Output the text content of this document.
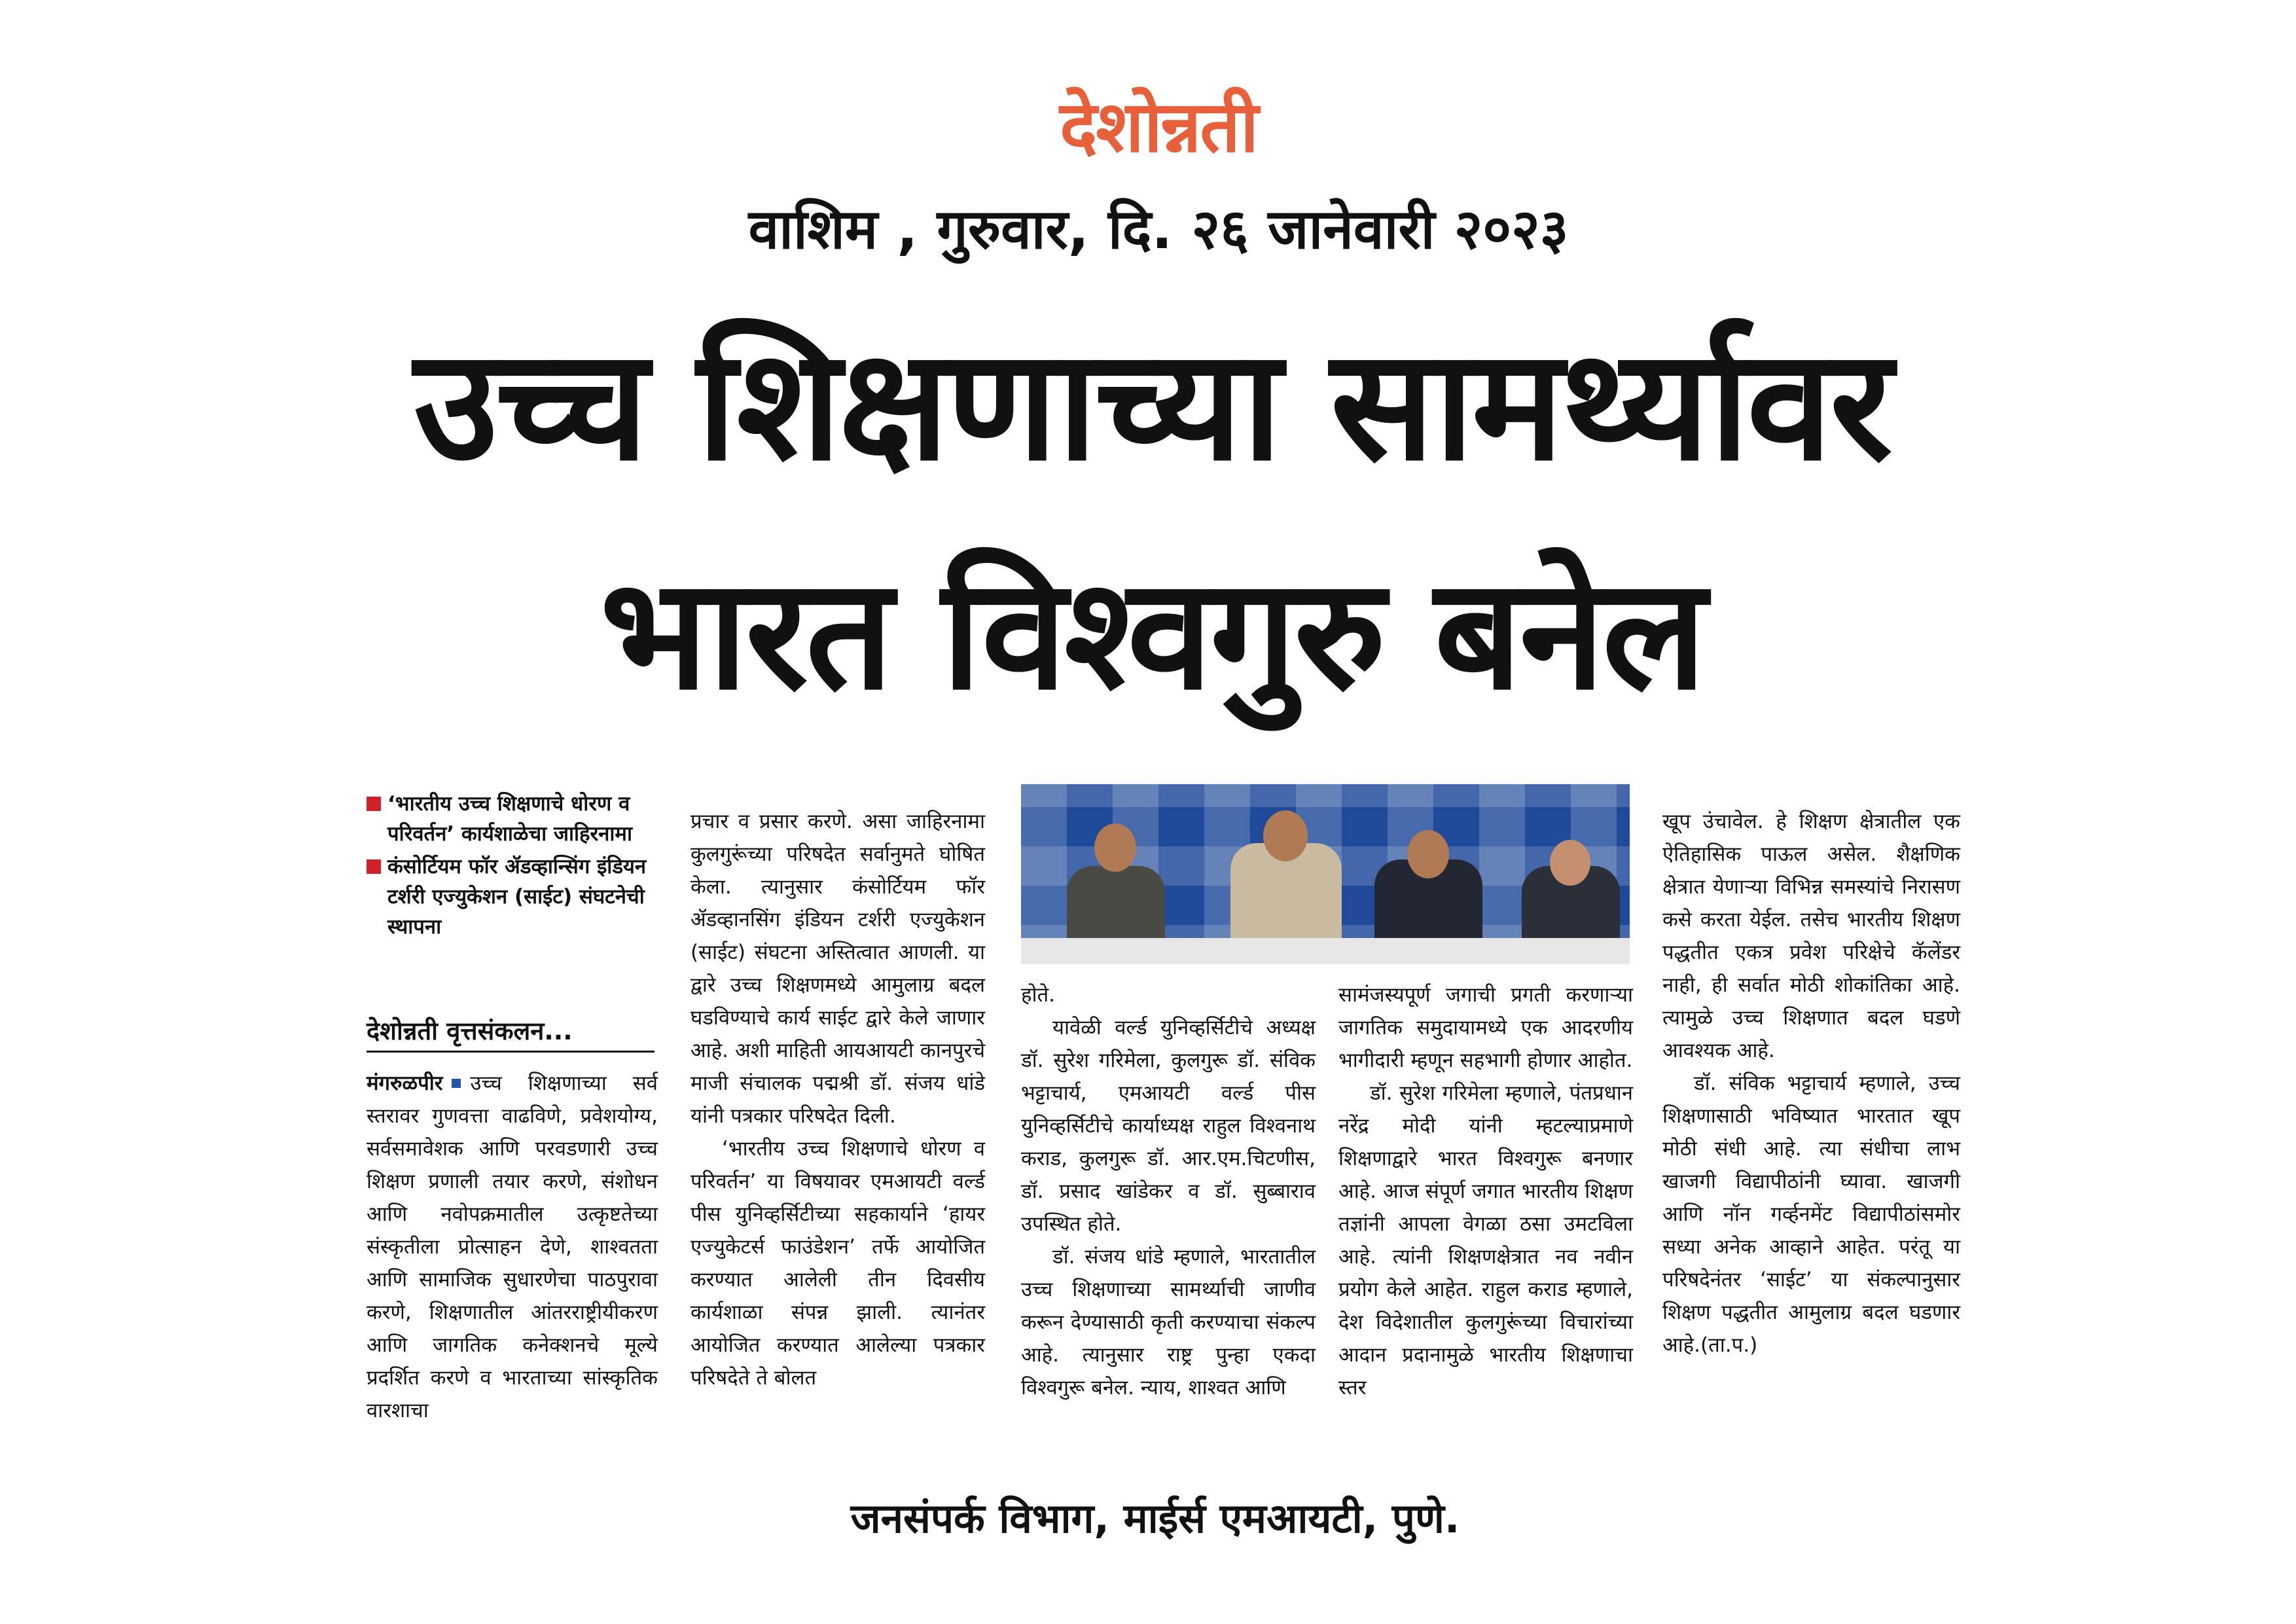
देशोन्नती
वाशिम , गुरुवार, दि. २६ जानेवारी २०२३
उच्च शिक्षणाच्या सामर्थ्यावर
भारत विश्वगुरु बनेल
‘भारतीय उच्च शिक्षणाचे धोरण व परिवर्तन’ कार्यशाळेचा जाहिरनामा
कंसोर्टियम फॉर ॲडव्हान्सिंग इंडियन टर्शरी एज्युकेशन (साईट) संघटनेची स्थापना
देशोन्नती वृत्तसंकलन...

मंगरुळपीर उच्च शिक्षणाच्या सर्व स्तरावर गुणवत्ता वाढविणे, प्रवेशयोग्य, सर्वसमावेशक आणि परवडणारी उच्च शिक्षण प्रणाली तयार करणे, संशोधन आणि नवोपक्रमातील उत्कृष्टतेच्या संस्कृतीला प्रोत्साहन देणे, शाश्वतता आणि सामाजिक सुधारणेचा पाठपुरावा करणे, शिक्षणातील आंतरराष्ट्रीयीकरण आणि जागतिक कनेक्शनचे मूल्ये प्रदर्शित करणे व भारताच्या सांस्कृतिक वारशाचा

प्रचार व प्रसार करणे. असा जाहिरनामा कुलगुरूंच्या परिषदेत सर्वानुमते घोषित केला. त्यानुसार कंसोर्टियम फॉर ॲडव्हानसिंग इंडियन टर्शरी एज्युकेशन (साईट) संघटना अस्तित्वात आणली. या द्वारे उच्च शिक्षणमध्ये आमुलाग्र बदल घडविण्याचे कार्य साईट द्वारे केले जाणार आहे. अशी माहिती आयआयटी कानपुरचे माजी संचालक पद्मश्री डॉ. संजय धांडे यांनी पत्रकार परिषदेत दिली.

‘भारतीय उच्च शिक्षणाचे धोरण व परिवर्तन’ या विषयावर एमआयटी वर्ल्ड पीस युनिव्हर्सिटीच्या सहकार्याने ‘हायर एज्युकेटर्स फाउंडेशन’ तर्फे आयोजित करण्यात आलेली तीन दिवसीय कार्यशाळा संपन्न झाली. त्यानंतर आयोजित करण्यात आलेल्या पत्रकार परिषदेते ते बोलत

होते.

यावेळी वर्ल्ड युनिव्हर्सिटीचे अध्यक्ष डॉ. सुरेश गरिमेला, कुलगुरू डॉ. संविक भट्टाचार्य, एमआयटी वर्ल्ड पीस युनिव्हर्सिटीचे कार्याध्यक्ष राहुल विश्वनाथ कराड, कुलगुरू डॉ. आर.एम.चिटणीस, डॉ. प्रसाद खांडेकर व डॉ. सुब्बाराव उपस्थित होते.

डॉ. संजय धांडे म्हणाले, भारतातील उच्च शिक्षणाच्या सामर्थ्याची जाणीव करून देण्यासाठी कृती करण्याचा संकल्प आहे. त्यानुसार राष्ट्र पुन्हा एकदा विश्वगुरू बनेल. न्याय, शाश्वत आणि

सामंजस्यपूर्ण जगाची प्रगती करणाऱ्या जागतिक समुदायामध्ये एक आदरणीय भागीदारी म्हणून सहभागी होणार आहोत.

डॉ. सुरेश गरिमेला म्हणाले, पंतप्रधान नरेंद्र मोदी यांनी म्हटल्याप्रमाणे शिक्षणाद्वारे भारत विश्वगुरू बनणार आहे. आज संपूर्ण जगात भारतीय शिक्षण तज्ञांनी आपला वेगळा ठसा उमटविला आहे. त्यांनी शिक्षणक्षेत्रात नव नवीन प्रयोग केले आहेत. राहुल कराड म्हणाले, देश विदेशातील कुलगुरूंच्या विचारांच्या आदान प्रदानामुळे भारतीय शिक्षणाचा स्तर

खूप उंचावेल. हे शिक्षण क्षेत्रातील एक ऐतिहासिक पाऊल असेल. शैक्षणिक क्षेत्रात येणाऱ्या विभिन्न समस्यांचे निरासण कसे करता येईल. तसेच भारतीय शिक्षण पद्धतीत एकत्र प्रवेश परिक्षेचे कॅलेंडर नाही, ही सर्वात मोठी शोकांतिका आहे. त्यामुळे उच्च शिक्षणात बदल घडणे आवश्यक आहे.

डॉ. संविक भट्टाचार्य म्हणाले, उच्च शिक्षणासाठी भविष्यात भारतात खूप मोठी संधी आहे. त्या संधीचा लाभ खाजगी विद्यापीठांनी घ्यावा. खाजगी आणि नॉन गर्व्हनमेंट विद्यापीठांसमोर सध्या अनेक आव्हाने आहेत. परंतू या परिषदेनंतर ‘साईट’ या संकल्पानुसार शिक्षण पद्धतीत आमुलाग्र बदल घडणार आहे.(ता.प.)

जनसंपर्क विभाग, माईर्स एमआयटी, पुणे.
